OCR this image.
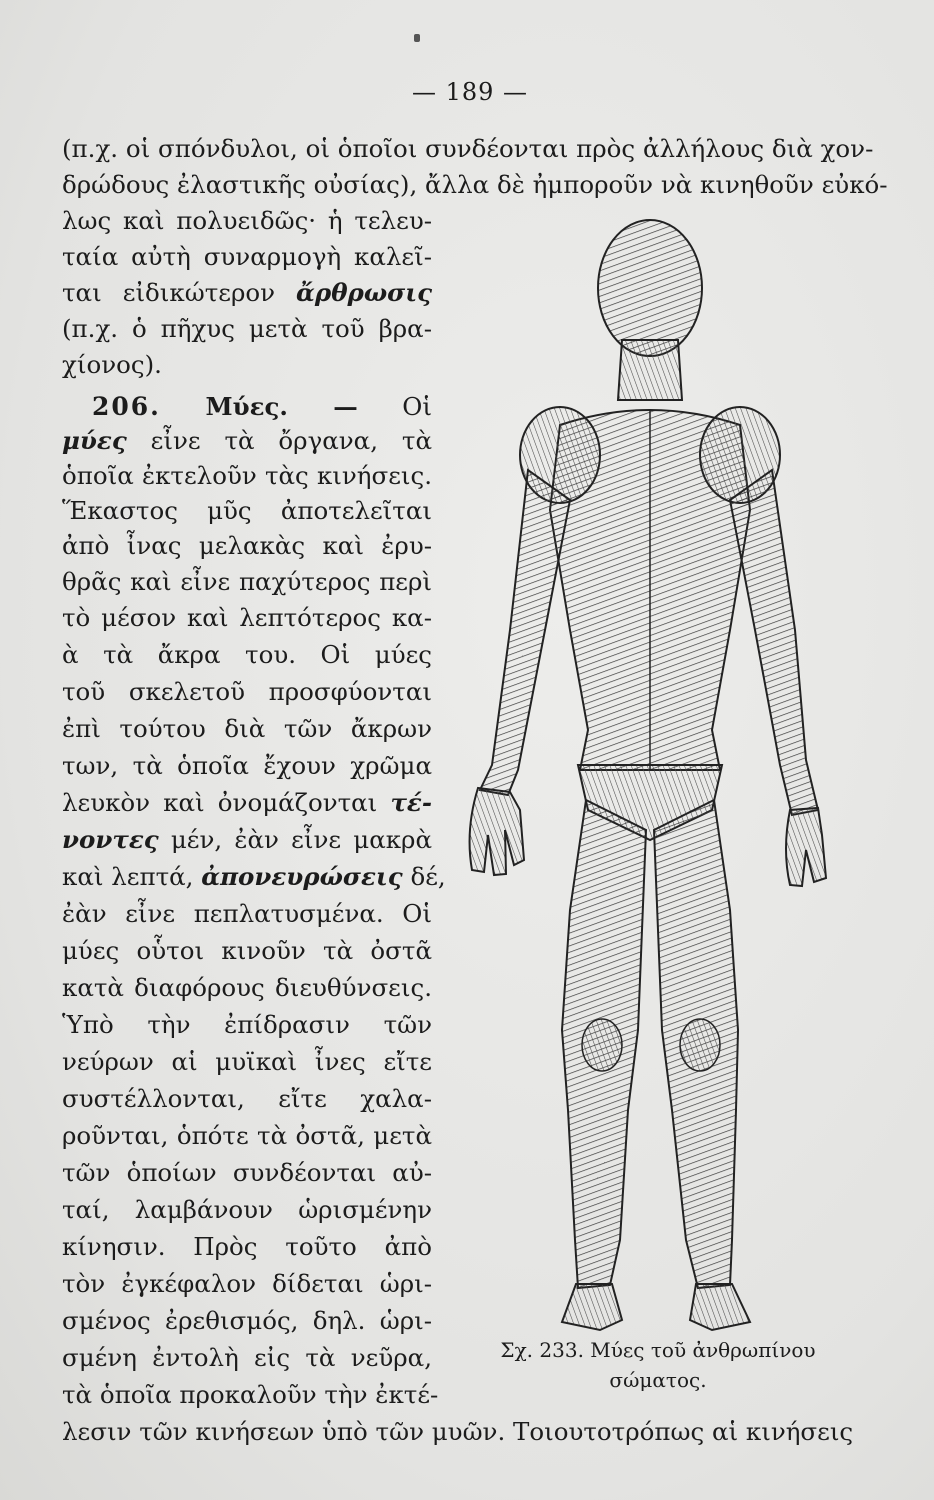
— 189 —
(π.χ. οἱ σπόνδυλοι, οἱ ὁποῖοι συνδέονται πρὸς ἀλλήλους διὰ χον-
δρώδους ἐλαστικῆς οὐσίας), ἄλλα δὲ ἠμποροῦν νὰ κινηθοῦν εὐκό-
λως καὶ πολυειδῶς· ἡ τελευ-
ταία αὐτὴ συναρμογὴ καλεῖ-
ται εἰδικώτερον ἄρθρωσις
(π.χ. ὁ πῆχυς μετὰ τοῦ βρα-
χίονος).
206. Μύες. — Οἱ
μύες εἶνε τὰ ὄργανα, τὰ
ὁποῖα ἐκτελοῦν τὰς κινήσεις.
Ἕκαστος μῦς ἀποτελεῖται
ἀπὸ ἶνας μελακὰς καὶ ἐρυ-
θρᾶς καὶ εἶνε παχύτερος περὶ
τὸ μέσον καὶ λεπτότερος κα-
ὰ τὰ ἄκρα του. Οἱ μύες
τοῦ σκελετοῦ προσφύονται
ἐπὶ τούτου διὰ τῶν ἄκρων
των, τὰ ὁποῖα ἔχουν χρῶμα
λευκὸν καὶ ὀνομάζονται τέ-
νοντες μέν, ἐὰν εἶνε μακρὰ
καὶ λεπτά, ἀπονευρώσεις δέ,
ἐὰν εἶνε πεπλατυσμένα. Οἱ
μύες οὗτοι κινοῦν τὰ ὀστᾶ
κατὰ διαφόρους διευθύνσεις.
Ὑπὸ τὴν ἐπίδρασιν τῶν
νεύρων αἱ μυϊκαὶ ἶνες εἴτε
συστέλλονται, εἴτε χαλα-
ροῦνται, ὁπότε τὰ ὀστᾶ, μετὰ
τῶν ὁποίων συνδέονται αὐ-
ταί, λαμβάνουν ὡρισμένην
κίνησιν. Πρὸς τοῦτο ἀπὸ
τὸν ἐγκέφαλον δίδεται ὡρι-
σμένος ἐρεθισμός, δηλ. ὡρι-
σμένη ἐντολὴ εἰς τὰ νεῦρα,
τὰ ὁποῖα προκαλοῦν τὴν ἐκτέ-
λεσιν τῶν κινήσεων ὑπὸ τῶν μυῶν. Τοιουτοτρόπως αἱ κινήσεις
Σχ. 233. Μύες τοῦ ἀνθρωπίνου
σώματος.
